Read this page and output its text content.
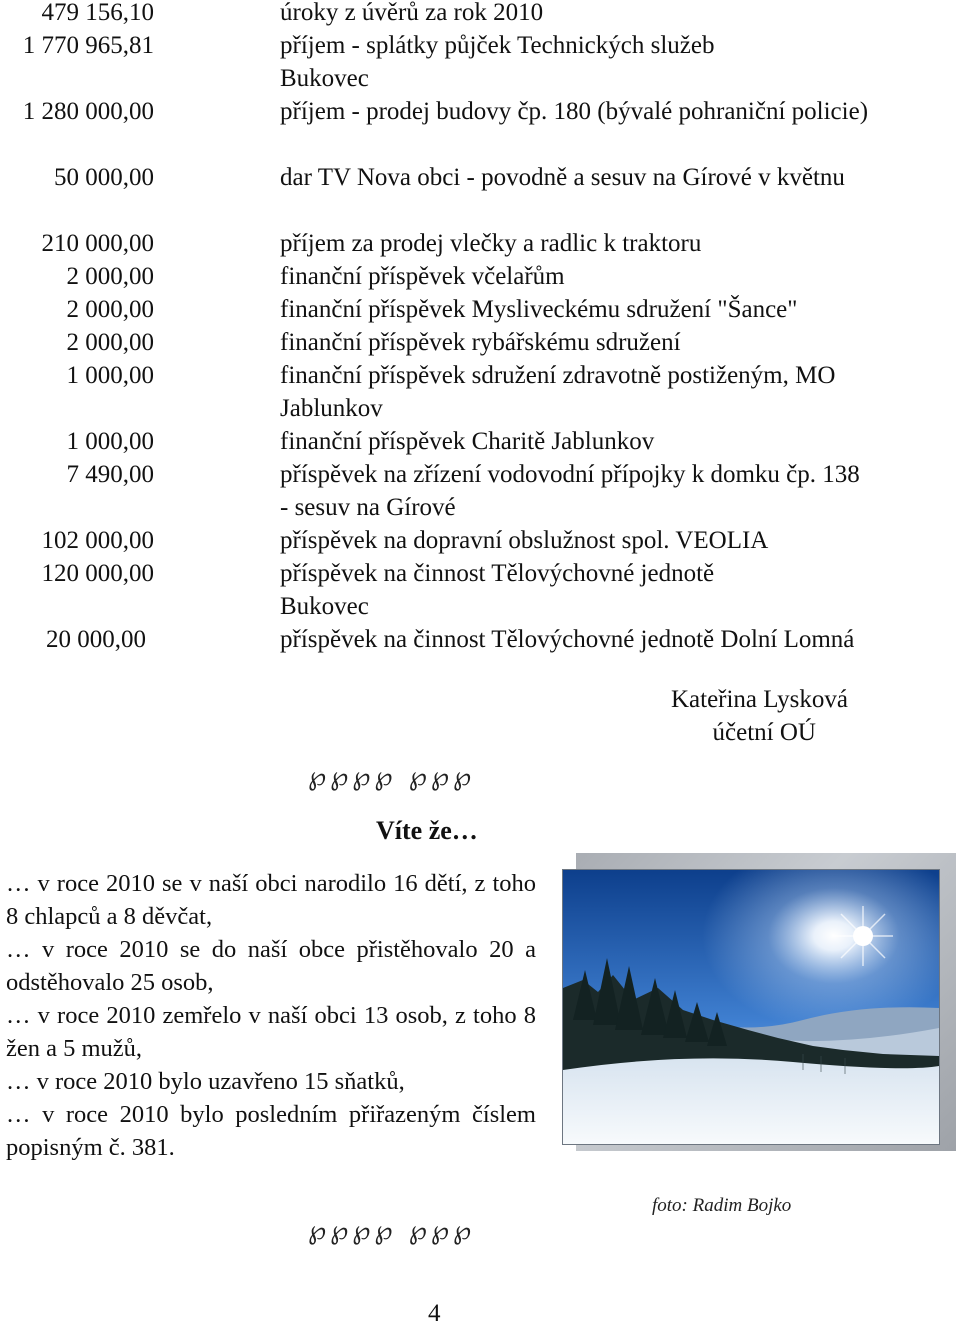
479 156,10	úroky z úvěrů za rok 2010
1 770 965,81	příjem - splátky půjček Technických služeb Bukovec
1 280 000,00	příjem - prodej budovy čp. 180 (bývalé pohraniční policie)
50 000,00	dar TV Nova obci - povodně a sesuv na Gírové v květnu
210 000,00	příjem za prodej vlečky a radlic k traktoru
2 000,00	finanční příspěvek včelařům
2 000,00	finanční příspěvek Mysliveckému sdružení "Šance"
2 000,00	finanční příspěvek rybářskému sdružení
1 000,00	finanční příspěvek sdružení zdravotně postiženým, MO Jablunkov
1 000,00	finanční příspěvek Charitě Jablunkov
7 490,00	příspěvek na zřízení vodovodní přípojky k domku čp. 138 - sesuv na Gírové
102 000,00	příspěvek na dopravní obslužnost spol. VEOLIA
120 000,00	příspěvek na činnost Tělovýchovné jednotě Bukovec
20 000,00	příspěvek na činnost Tělovýchovné jednotě Dolní Lomná
Kateřina Lysková
účetní OÚ
℘℘℘℘ ℘℘℘
Víte že…

… v roce 2010 se v naší obci narodilo 16 dětí, z toho 8 chlapců a 8 děvčat,

… v roce 2010 se do naší obce přistěhovalo 20 a odstěhovalo 25 osob,

… v roce 2010 zemřelo v naší obci 13 osob, z toho 8 žen a 5 mužů,

… v roce 2010 bylo uzavřeno 15 sňatků,

… v roce 2010 bylo posledním přiřazeným číslem popisným č. 381.

foto: Radim Bojko
℘℘℘℘ ℘℘℘
4
